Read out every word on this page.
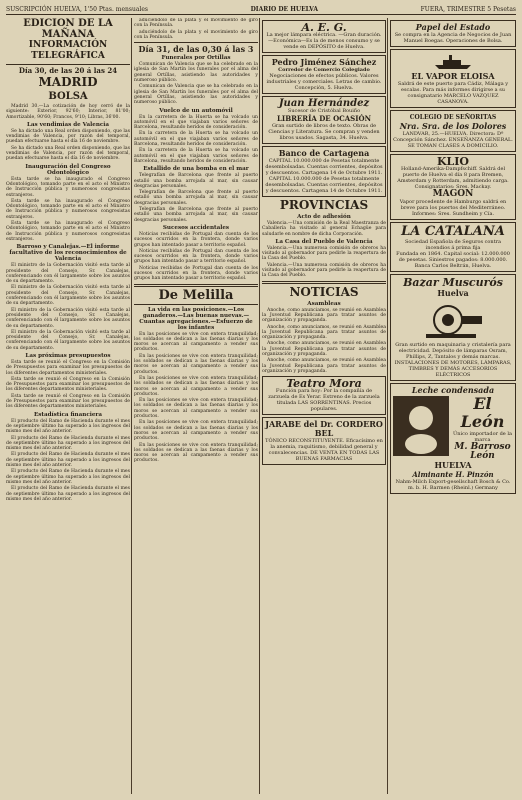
SUSCRIPCIÓN HUELVA, 1'50 Ptas. mensuales	DIARIO DE HUELVA	FUERA, TRIMESTRE 5 Pesetas
EDICIÓN DE LA MAÑANA
INFORMACIÓN TELEGRÁFICA
Día 30, de las 20 á las 24
MADRID
BOLSA

Madrid 30.—La cotización de hoy cerró de la siguiente: Exterior, 92'60; Interior, 81'00; Amortizable, 90'60; Francos, 9'10; Libras, 36'00.

Las vendimias de Valencia

Se ha dictado una Real orden disponiendo, que las vendimias de Valencia, por razón del temporal, puedan efectuarse hasta el día 16 de noviembre.

Se ha dictado una Real orden disponiendo, que las vendimias de Valencia, por razón del temporal, puedan efectuarse hasta el día 16 de noviembre.

Inauguración del Congreso Odontológico

Esta tarde se ha inaugurado el Congreso Odontológico, tomando parte en el acto el Ministro de Instrucción pública y numerosos congresistas extranjeros.

Esta tarde se ha inaugurado el Congreso Odontológico, tomando parte en el acto el Ministro de Instrucción pública y numerosos congresistas extranjeros.

Esta tarde se ha inaugurado el Congreso Odontológico, tomando parte en el acto el Ministro de Instrucción pública y numerosos congresistas extranjeros.

Barroso y Canalejas.—El informe facultativo de los reconocimientos de Valencia

El ministro de la Gobernación visitó esta tarde al presidente del Consejo, Sr. Canalejas, conferenciando con él largamente sobre los asuntos de su departamento.

El ministro de la Gobernación visitó esta tarde al presidente del Consejo, Sr. Canalejas, conferenciando con él largamente sobre los asuntos de su departamento.

El ministro de la Gobernación visitó esta tarde al presidente del Consejo, Sr. Canalejas, conferenciando con él largamente sobre los asuntos de su departamento.

El ministro de la Gobernación visitó esta tarde al presidente del Consejo, Sr. Canalejas, conferenciando con él largamente sobre los asuntos de su departamento.

Las próximas presupuestos

Esta tarde se reunió el Congreso en la Comisión de Presupuestos para examinar los presupuestos de los diferentes departamentos ministeriales.

Esta tarde se reunió el Congreso en la Comisión de Presupuestos para examinar los presupuestos de los diferentes departamentos ministeriales.

Esta tarde se reunió el Congreso en la Comisión de Presupuestos para examinar los presupuestos de los diferentes departamentos ministeriales.

Estadística financiera

El producto del Ramo de Hacienda durante el mes de septiembre último ha superado a los ingresos del mismo mes del año anterior.

El producto del Ramo de Hacienda durante el mes de septiembre último ha superado a los ingresos del mismo mes del año anterior.

El producto del Ramo de Hacienda durante el mes de septiembre último ha superado a los ingresos del mismo mes del año anterior.

El producto del Ramo de Hacienda durante el mes de septiembre último ha superado a los ingresos del mismo mes del año anterior.

El producto del Ramo de Hacienda durante el mes de septiembre último ha superado a los ingresos del mismo mes del año anterior.

aduciéndolo de la plata y el movimiento de giro con la Península.

aduciéndolo de la plata y el movimiento de giro con la Península.

Día 31, de las 0,30 á las 3
Funerales por Ortíllas

Comunican de Valencia que se ha celebrado en la iglesia de San Martín los funerales por el alma del general Ortíllas, asistiendo las autoridades y numeroso público.

Comunican de Valencia que se ha celebrado en la iglesia de San Martín los funerales por el alma del general Ortíllas, asistiendo las autoridades y numeroso público.

Vuelco de un automóvil

En la carretera de la Huerta se ha volcado un automóvil en el que viajaban varios señores de Barcelona, resultando heridos de consideración.

En la carretera de la Huerta se ha volcado un automóvil en el que viajaban varios señores de Barcelona, resultando heridos de consideración.

En la carretera de la Huerta se ha volcado un automóvil en el que viajaban varios señores de Barcelona, resultando heridos de consideración.

Estallido de una bomba en el mar

Telegrafían de Barcelona que frente al puerto estalló una bomba arrojada al mar, sin causar desgracias personales.

Telegrafían de Barcelona que frente al puerto estalló una bomba arrojada al mar, sin causar desgracias personales.

Telegrafían de Barcelona que frente al puerto estalló una bomba arrojada al mar, sin causar desgracias personales.

Sucesos accidentales

Noticias recibidas de Portugal dan cuenta de los sucesos ocurridos en la frontera, donde varios grupos han intentado pasar a territorio español.

Noticias recibidas de Portugal dan cuenta de los sucesos ocurridos en la frontera, donde varios grupos han intentado pasar a territorio español.

Noticias recibidas de Portugal dan cuenta de los sucesos ocurridos en la frontera, donde varios grupos han intentado pasar a territorio español.

De Melilla
La vida en las posiciones.—Los ganaderos.—Las buenas nuevas.—Cuantas agregaciones.—Esfuerzo de los infantes

En las posiciones se vive con entera tranquilidad; los soldados se dedican a las faenas diarias y los moros se acercan al campamento a vender sus productos.

En las posiciones se vive con entera tranquilidad; los soldados se dedican a las faenas diarias y los moros se acercan al campamento a vender sus productos.

En las posiciones se vive con entera tranquilidad; los soldados se dedican a las faenas diarias y los moros se acercan al campamento a vender sus productos.

En las posiciones se vive con entera tranquilidad; los soldados se dedican a las faenas diarias y los moros se acercan al campamento a vender sus productos.

En las posiciones se vive con entera tranquilidad; los soldados se dedican a las faenas diarias y los moros se acercan al campamento a vender sus productos.

En las posiciones se vive con entera tranquilidad; los soldados se dedican a las faenas diarias y los moros se acercan al campamento a vender sus productos.

A. E. G.
La mejor lámpara eléctrica. —Gran duración.—Económica—Es la de menos consumo y se vende en DEPÓSITO de Huelva.
Pedro Jiménez Sánchez
Corredor de Comercio Colegiado
Negociaciones de efectos públicos. Valores industriales y comerciales. Letras de cambio. Concepción, 5. Huelva.
Juan Hernández
Sucesor de Cristóbal Bouiño
LIBRERÍA DE OCASIÓN
Gran surtido de libros de texto. Obras de Ciencias y Literatura. Se compran y venden libros usados. Sagasta, 34. Huelva.
Banco de Cartagena
CAPITAL 10.000.000 de Pesetas totalmente desembolsadas. Cuentas corrientes, depósitos y descuentos. Cartagena 14 de Octubre 1911.
CAPITAL 10.000.000 de Pesetas totalmente desembolsadas. Cuentas corrientes, depósitos y descuentos. Cartagena 14 de Octubre 1911.
PROVINCIAS
Acto de adhesión

Valencia.—Una comisión de la Real Maestranza de Caballería ha visitado al general Echagüe para saludarle en nombre de dicha Corporación.

La Casa del Pueblo de Valencia

Valencia.—Una numerosa comisión de obreros ha visitado al gobernador para pedirle la reapertura de la Casa del Pueblo.

Valencia.—Una numerosa comisión de obreros ha visitado al gobernador para pedirle la reapertura de la Casa del Pueblo.

NOTICIAS
Asambleas

Anoche, como anunciamos, se reunió en Asamblea la Juventud Republicana para tratar asuntos de organización y propaganda.

Anoche, como anunciamos, se reunió en Asamblea la Juventud Republicana para tratar asuntos de organización y propaganda.

Anoche, como anunciamos, se reunió en Asamblea la Juventud Republicana para tratar asuntos de organización y propaganda.

Anoche, como anunciamos, se reunió en Asamblea la Juventud Republicana para tratar asuntos de organización y propaganda.

Teatro Mora
Función para hoy: Por la compañía de zarzuela de Es Yerar. Estreno de la zarzuela titulada LAS SORRENTINAS. Precios populares.
JARABE del Dr. CORDERO BEL
TÓNICO RECONSTITUYENTE. Eficacísimo en la anemia, raquitismo, debilidad general y convalecencias. DE VENTA EN TODAS LAS BUENAS FARMACIAS
Papel del Estado
Se compra en la Agencia de Negocios de Juan Manuel Boegas. Operaciones de Bolsa.
EL VAPOR ELOISA
Saldrá de este puerto para Cádiz, Málaga y escalas. Para más informes dirigirse a su consignatario MARCELO VAZQUEZ CASANOVA.
COLEGIO DE SEÑORITAS
Nra. Sra. de los Dolores
LANDVAR, 25.—HUELVA. Directora: Dª Concepción Sánchez. ENSEÑANZA GENERAL. SE TOMAN CLASES A DOMICILIO.
KLIO
Holland-Amerika-Dampfschiff. Saldrá del puerto de Huelva el día 8 para Bremen, Amsterdam y Rotterdam, admitiendo carga. Consignatarios: Sres. Mackay.
MAGON
Vapor procedente de Hamburgo saldrá en breve para los puertos del Mediterráneo. Informes: Sres. Sundheim y Cía.
LA CATALANA
Sociedad Española de Seguros contra incendios á prima fija
Fundada en 1864. Capital social: 12.000.000 de pesetas. Siniestros pagados: 8.000.000. Banca Carlos Beltrán, Huelva.
Bazar Muscurós
Huelva
Gran surtido en maquinaria y cristalería para electricidad. Depósito de lámparas Osram, Phillips, Z, Tantalos y demás marcas. INSTALACIONES DE MOTORES, LÁMPARAS, TIMBRES Y DEMÁS ACCESORIOS ELÉCTRICOS
Leche condensada
El León
Único importador de la marca
M. Barroso León
HUELVA
Alminante H. Pinzón
Nahm-Milch Export-gesellschaft Bosch & Co. m. b. H. Barmen (Rheinl.) Germany
